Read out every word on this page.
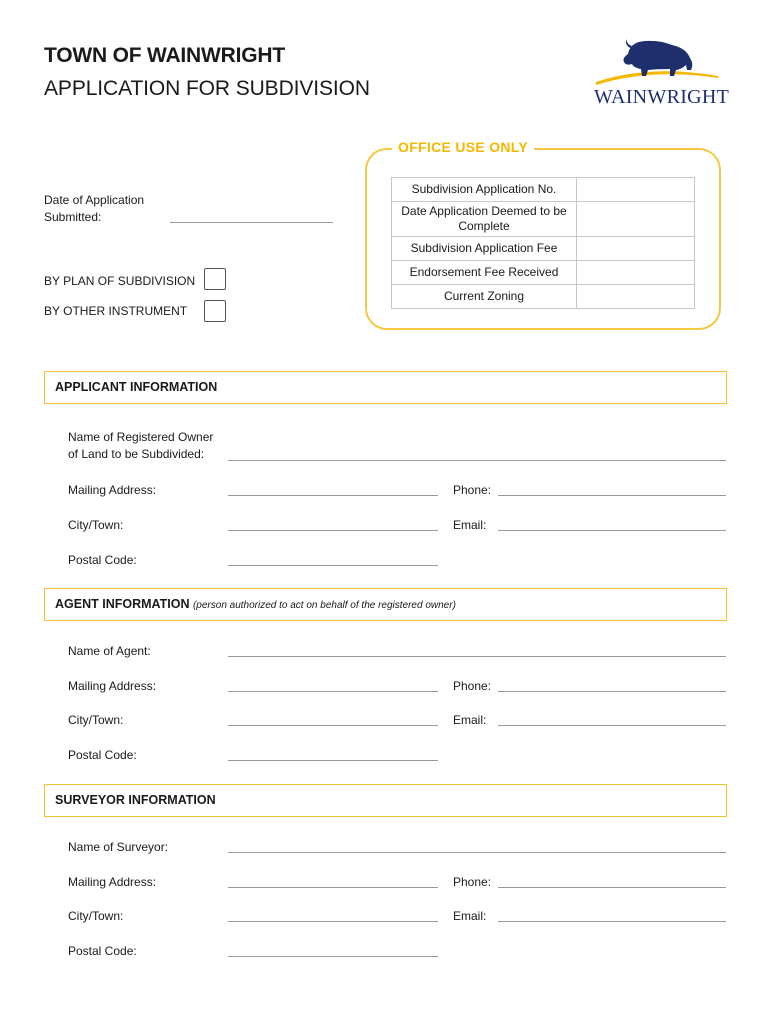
TOWN OF WAINWRIGHT
APPLICATION FOR SUBDIVISION	WAINWRIGHT
OFFICE USE ONLY
Subdivision Application No.	
Date Application Deemed to be Complete	
Subdivision Application Fee	
Endorsement Fee Received	
Current Zoning	
Date of Application
Submitted:
BY PLAN OF SUBDIVISION
BY OTHER INSTRUMENT
APPLICANT INFORMATION
Name of Registered Owner
of Land to be Subdivided:
Mailing Address:	Phone:
City/Town:	Email:
Postal Code:
AGENT INFORMATION (person authorized to act on behalf of the registered owner)
Name of Agent:
Mailing Address:	Phone:
City/Town:	Email:
Postal Code:
SURVEYOR INFORMATION
Name of Surveyor:
Mailing Address:	Phone:
City/Town:	Email:
Postal Code:
